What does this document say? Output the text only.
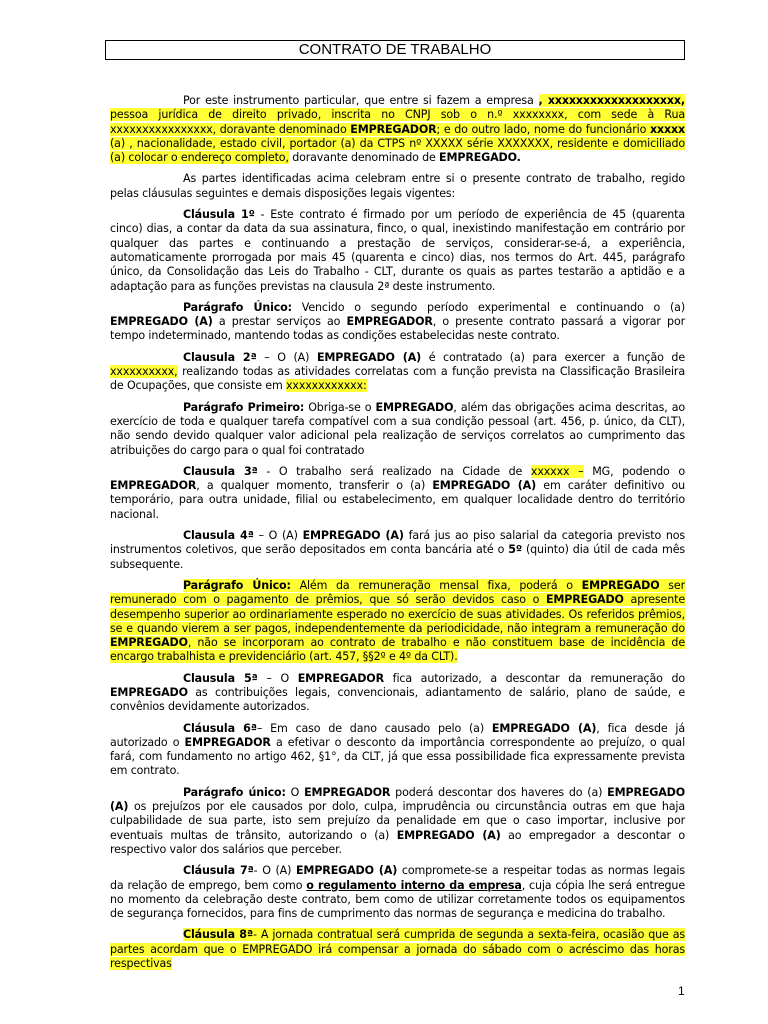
CONTRATO DE TRABALHO

Por este instrumento particular, que entre si fazem a empresa , xxxxxxxxxxxxxxxxxxx, pessoa jurídica de direito privado, inscrita no CNPJ sob o n.º xxxxxxxx, com sede à Rua xxxxxxxxxxxxxxxx, doravante denominado EMPREGADOR; e do outro lado, nome do funcionário xxxxx (a) , nacionalidade, estado civil, portador (a) da CTPS nº XXXXX série XXXXXXX, residente e domiciliado (a) colocar o endereço completo, doravante denominado de EMPREGADO.

As partes identificadas acima celebram entre si o presente contrato de trabalho, regido pelas cláusulas seguintes e demais disposições legais vigentes:

Cláusula 1º - Este contrato é firmado por um período de experiência de 45 (quarenta cinco) dias, a contar da data da sua assinatura, finco, o qual, inexistindo manifestação em contrário por qualquer das partes e continuando a prestação de serviços, considerar-se-á, a experiência, automaticamente prorrogada por mais 45 (quarenta e cinco) dias, nos termos do Art. 445, parágrafo único, da Consolidação das Leis do Trabalho - CLT, durante os quais as partes testarão a aptidão e a adaptação para as funções previstas na clausula 2ª deste instrumento.

Parágrafo Único: Vencido o segundo período experimental e continuando o (a) EMPREGADO (A) a prestar serviços ao EMPREGADOR, o presente contrato passará a vigorar por tempo indeterminado, mantendo todas as condições estabelecidas neste contrato.

Clausula 2ª – O (A) EMPREGADO (A) é contratado (a) para exercer a função de xxxxxxxxxx, realizando todas as atividades correlatas com a função prevista na Classificação Brasileira de Ocupações, que consiste em xxxxxxxxxxxx:

Parágrafo Primeiro: Obriga-se o EMPREGADO, além das obrigações acima descritas, ao exercício de toda e qualquer tarefa compatível com a sua condição pessoal (art. 456, p. único, da CLT), não sendo devido qualquer valor adicional pela realização de serviços correlatos ao cumprimento das atribuições do cargo para o qual foi contratado

Clausula 3ª - O trabalho será realizado na Cidade de xxxxxx – MG, podendo o EMPREGADOR, a qualquer momento, transferir o (a) EMPREGADO (A) em caráter definitivo ou temporário, para outra unidade, filial ou estabelecimento, em qualquer localidade dentro do território nacional.

Clausula 4ª – O (A) EMPREGADO (A) fará jus ao piso salarial da categoria previsto nos instrumentos coletivos, que serão depositados em conta bancária até o 5º (quinto) dia útil de cada mês subsequente.

Parágrafo Único: Além da remuneração mensal fixa, poderá o EMPREGADO ser remunerado com o pagamento de prêmios, que só serão devidos caso o EMPREGADO apresente desempenho superior ao ordinariamente esperado no exercício de suas atividades. Os referidos prêmios, se e quando vierem a ser pagos, independentemente da periodicidade, não integram a remuneração do EMPREGADO, não se incorporam ao contrato de trabalho e não constituem base de incidência de encargo trabalhista e previdenciário (art. 457, §§2º e 4º da CLT).

Clausula 5ª – O EMPREGADOR fica autorizado, a descontar da remuneração do EMPREGADO as contribuições legais, convencionais, adiantamento de salário, plano de saúde, e convênios devidamente autorizados.

Cláusula 6ª– Em caso de dano causado pelo (a) EMPREGADO (A), fica desde já autorizado o EMPREGADOR a efetivar o desconto da importância correspondente ao prejuízo, o qual fará, com fundamento no artigo 462, §1°, da CLT, já que essa possibilidade fica expressamente prevista em contrato.

Parágrafo único: O EMPREGADOR poderá descontar dos haveres do (a) EMPREGADO (A) os prejuízos por ele causados por dolo, culpa, imprudência ou circunstância outras em que haja culpabilidade de sua parte, isto sem prejuízo da penalidade em que o caso importar, inclusive por eventuais multas de trânsito, autorizando o (a) EMPREGADO (A) ao empregador a descontar o respectivo valor dos salários que perceber.

Cláusula 7ª- O (A) EMPREGADO (A) compromete-se a respeitar todas as normas legais da relação de emprego, bem como o regulamento interno da empresa, cuja cópia lhe será entregue no momento da celebração deste contrato, bem como de utilizar corretamente todos os equipamentos de segurança fornecidos, para fins de cumprimento das normas de segurança e medicina do trabalho.

Cláusula 8ª- A jornada contratual será cumprida de segunda a sexta-feira, ocasião que as partes acordam que o EMPREGADO irá compensar a jornada do sábado com o acréscimo das horas respectivas

1
